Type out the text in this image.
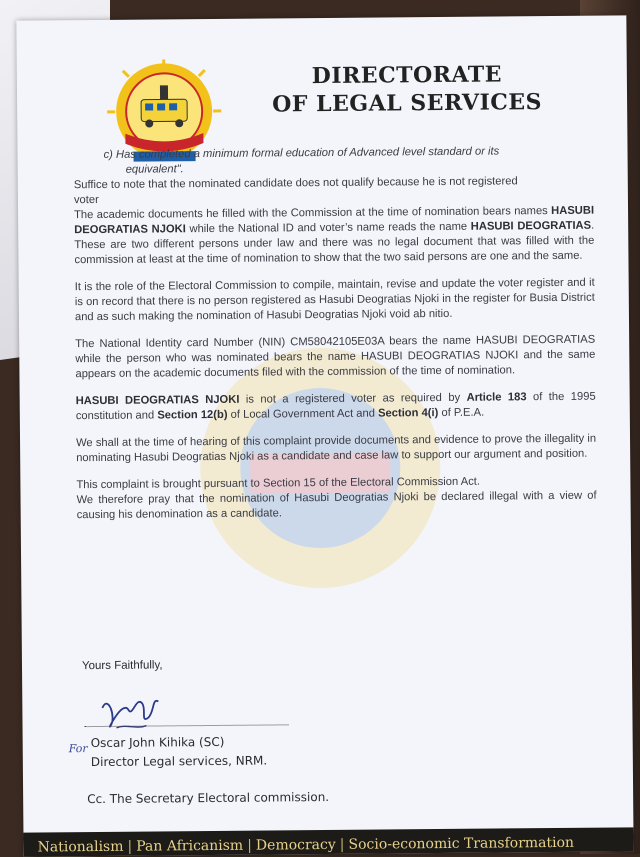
DIRECTORATE
OF LEGAL SERVICES

c) Has completed a minimum formal education of Advanced level standard or its

equivalent".

Suffice to note that the nominated candidate does not qualify because he is not registered

voter

The academic documents he filled with the Commission at the time of nomination bears names HASUBI DEOGRATIAS NJOKI while the National ID and voter’s name reads the name HASUBI DEOGRATIAS. These are two different persons under law and there was no legal document that was filled with the commission at least at the time of nomination to show that the two said persons are one and the same.

It is the role of the Electoral Commission to compile, maintain, revise and update the voter register and it is on record that there is no person registered as Hasubi Deogratias Njoki in the register for Busia District and as such making the nomination of Hasubi Deogratias Njoki void ab nitio.

The National Identity card Number (NIN) CM58042105E03A bears the name HASUBI DEOGRATIAS while the person who was nominated bears the name HASUBI DEOGRATIAS NJOKI and the same appears on the academic documents filed with the commission of the time of nomination.

HASUBI DEOGRATIAS NJOKI is not a registered voter as required by Article 183 of the 1995 constitution and Section 12(b) of Local Government Act and Section 4(i) of P.E.A.

We shall at the time of hearing of this complaint provide documents and evidence to prove the illegality in nominating Hasubi Deogratias Njoki as a candidate and case law to support our argument and position.

This complaint is brought pursuant to Section 15 of the Electoral Commission Act.

We therefore pray that the nomination of Hasubi Deogratias Njoki be declared illegal with a view of causing his denomination as a candidate.

Yours Faithfully,
For Oscar John Kihika (SC)
Director Legal services, NRM.
Cc. The Secretary Electoral commission.
Nationalism | Pan Africanism | Democracy | Socio-economic Transformation
